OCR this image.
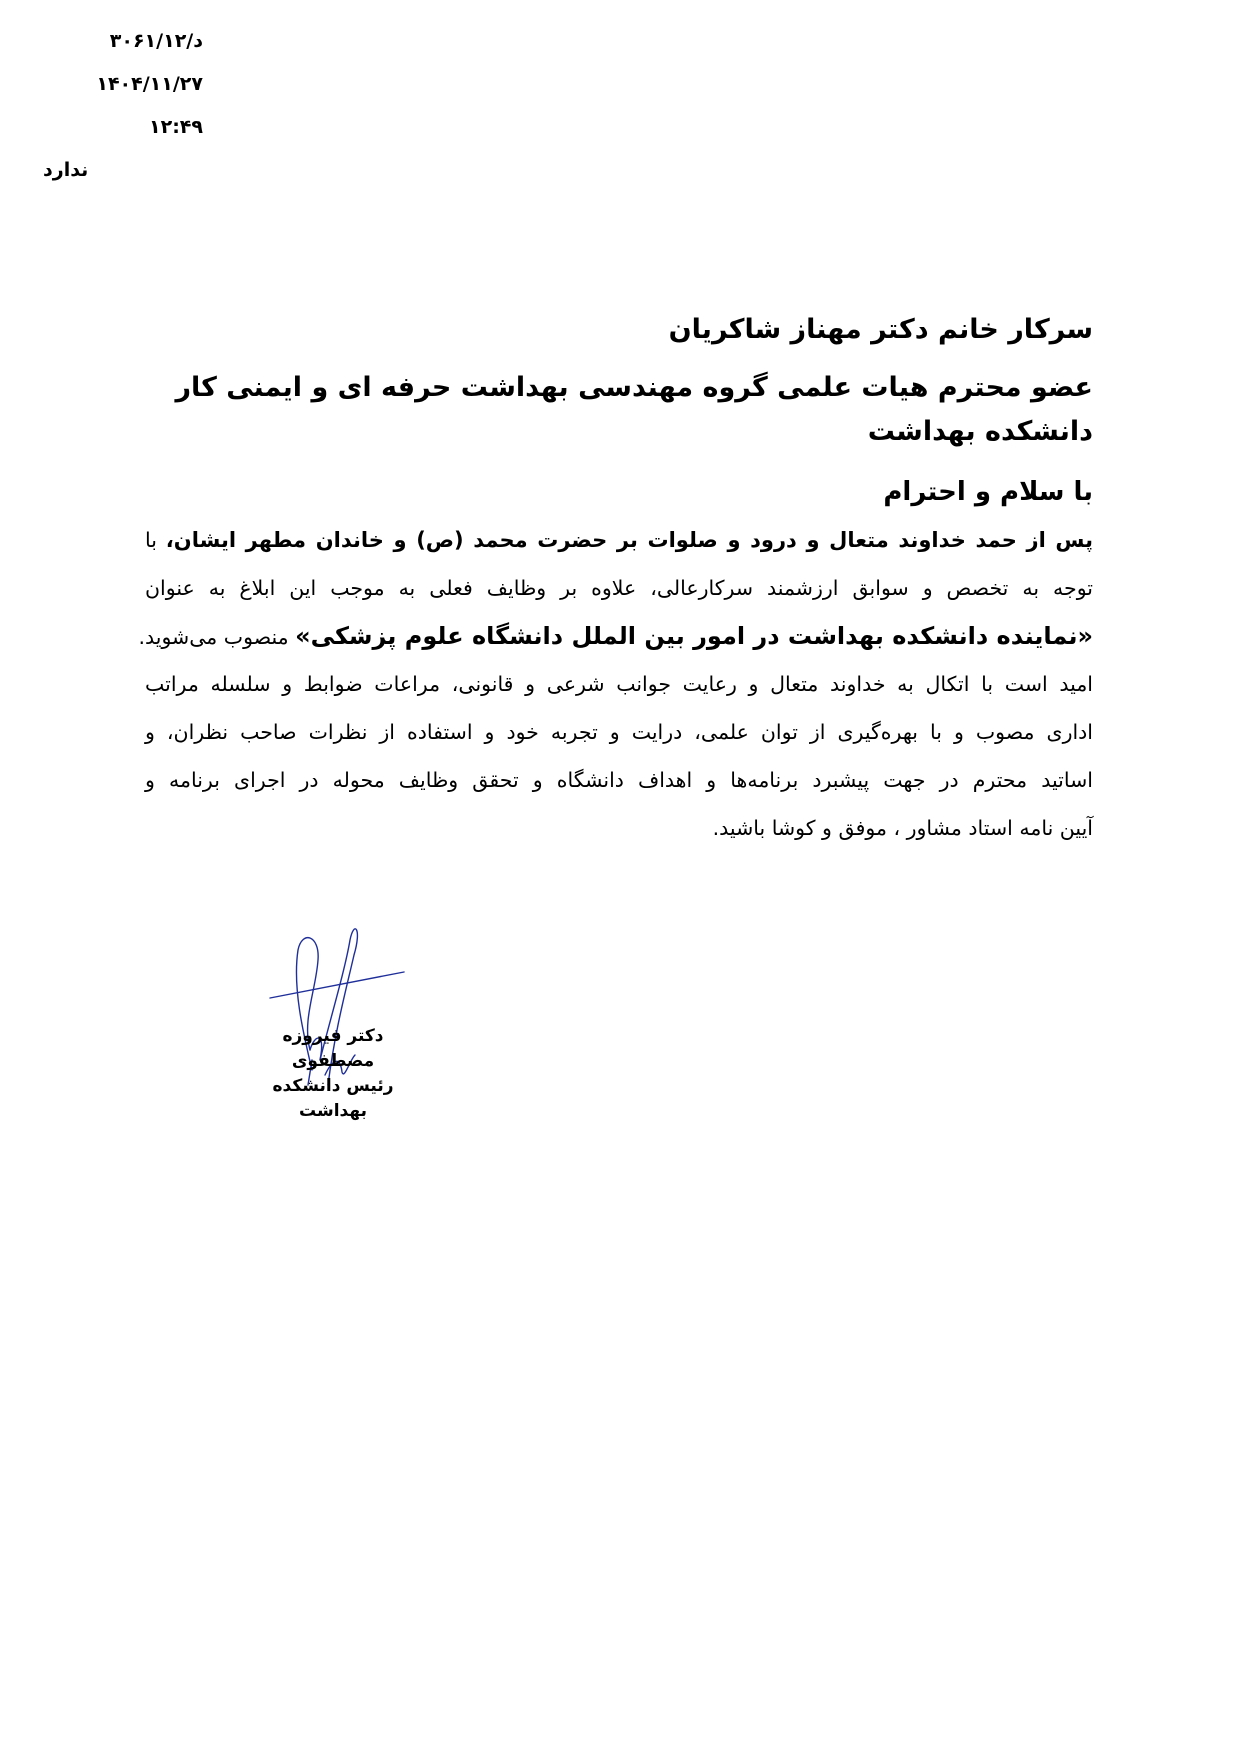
۳۰۶۱/۱۲/د
۱۴۰۴/۱۱/۲۷
۱۲:۴۹
ندارد
سرکار خانم دکتر مهناز شاکریان
عضو محترم هیات علمی گروه مهندسی بهداشت حرفه ای و ایمنی کار دانشکده بهداشت
با سلام و احترام
پس از حمد خداوند متعال و درود و صلوات بر حضرت محمد (ص) و خاندان مطهر ایشان، با
توجه به تخصص و سوابق ارزشمند سرکارعالی، علاوه بر وظایف فعلی به موجب این ابلاغ به عنوان
«نماینده دانشکده بهداشت در امور بین الملل دانشگاه علوم پزشکی» منصوب می‌شوید.
امید است با اتکال به خداوند متعال و رعایت جوانب شرعی و قانونی، مراعات ضوابط و سلسله مراتب
اداری مصوب و با بهره‌گیری از توان علمی، درایت و تجربه خود و استفاده از نظرات صاحب نظران، و
اساتید محترم در جهت پیشبرد برنامه‌ها و اهداف دانشگاه و تحقق وظایف محوله در اجرای برنامه و
آیین نامه استاد مشاور ، موفق و کوشا باشید.
دکتر فیروزه مصطفوی
رئیس دانشکده بهداشت
